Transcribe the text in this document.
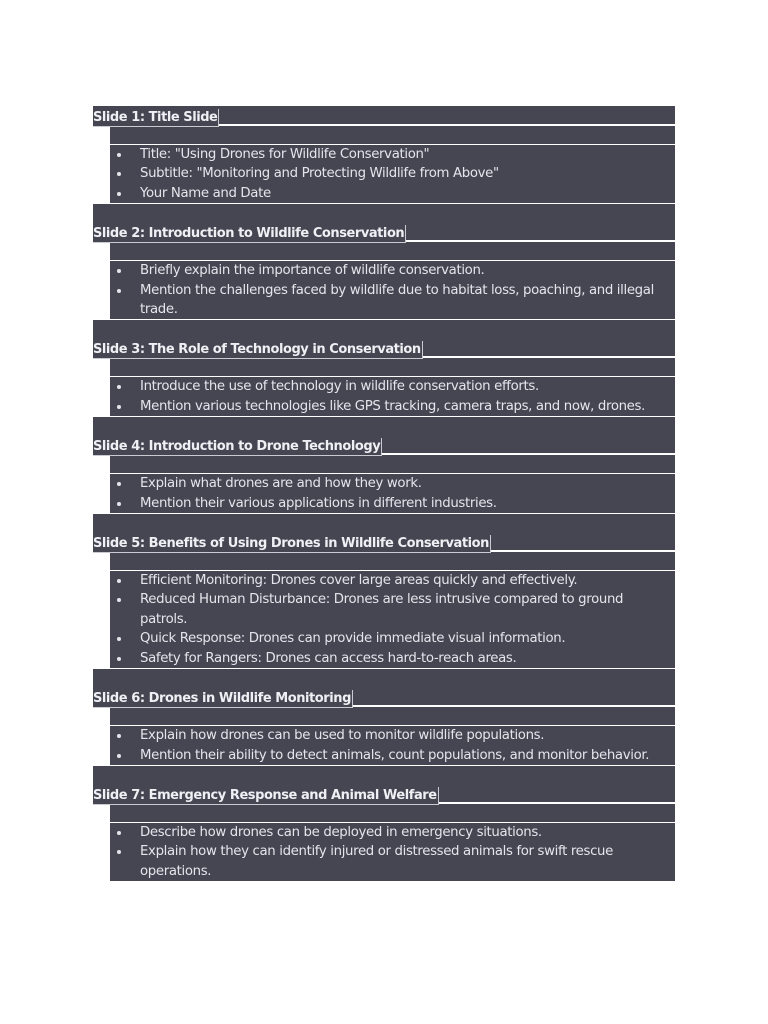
Slide 1: Title Slide
Title: "Using Drones for Wildlife Conservation"
Subtitle: "Monitoring and Protecting Wildlife from Above"
Your Name and Date
Slide 2: Introduction to Wildlife Conservation
Briefly explain the importance of wildlife conservation.
Mention the challenges faced by wildlife due to habitat loss, poaching, and illegal trade.
Slide 3: The Role of Technology in Conservation
Introduce the use of technology in wildlife conservation efforts.
Mention various technologies like GPS tracking, camera traps, and now, drones.
Slide 4: Introduction to Drone Technology
Explain what drones are and how they work.
Mention their various applications in different industries.
Slide 5: Benefits of Using Drones in Wildlife Conservation
Efficient Monitoring: Drones cover large areas quickly and effectively.
Reduced Human Disturbance: Drones are less intrusive compared to ground patrols.
Quick Response: Drones can provide immediate visual information.
Safety for Rangers: Drones can access hard-to-reach areas.
Slide 6: Drones in Wildlife Monitoring
Explain how drones can be used to monitor wildlife populations.
Mention their ability to detect animals, count populations, and monitor behavior.
Slide 7: Emergency Response and Animal Welfare
Describe how drones can be deployed in emergency situations.
Explain how they can identify injured or distressed animals for swift rescue operations.
